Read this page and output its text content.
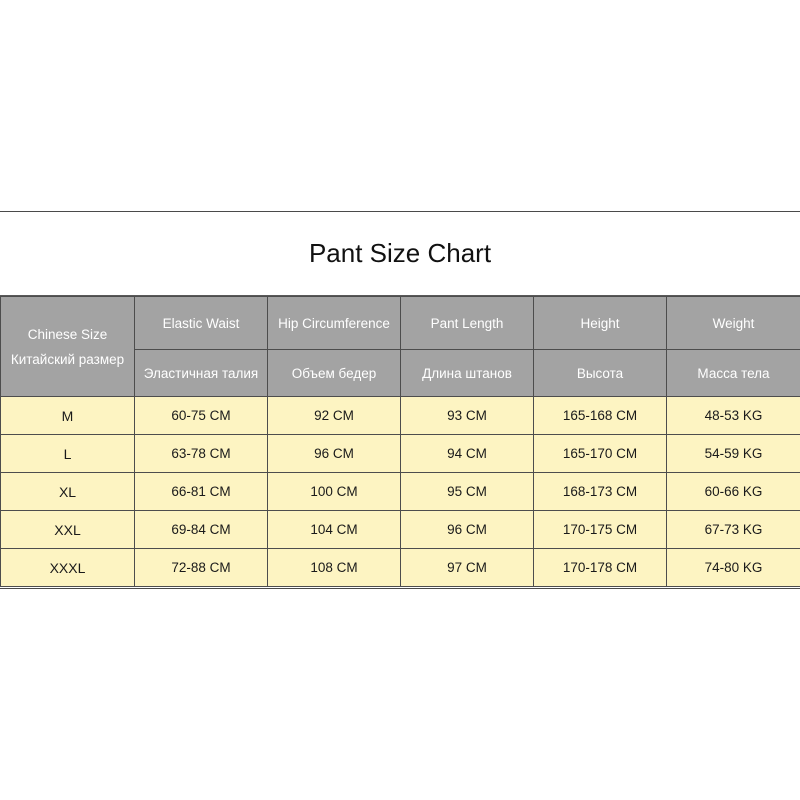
Pant Size Chart
Chinese Size
Китайский размер	Elastic Waist	Hip Circumference	Pant Length	Height	Weight
	Эластичная талия	Объем бедер	Длина штанов	Высота	Масса тела
M	60-75 CM	92 CM	93 CM	165-168 CM	48-53 KG
L	63-78 CM	96 CM	94 CM	165-170 CM	54-59 KG
XL	66-81 CM	100 CM	95 CM	168-173 CM	60-66 KG
XXL	69-84 CM	104 CM	96 CM	170-175 CM	67-73 KG
XXXL	72-88 CM	108 CM	97 CM	170-178 CM	74-80 KG
